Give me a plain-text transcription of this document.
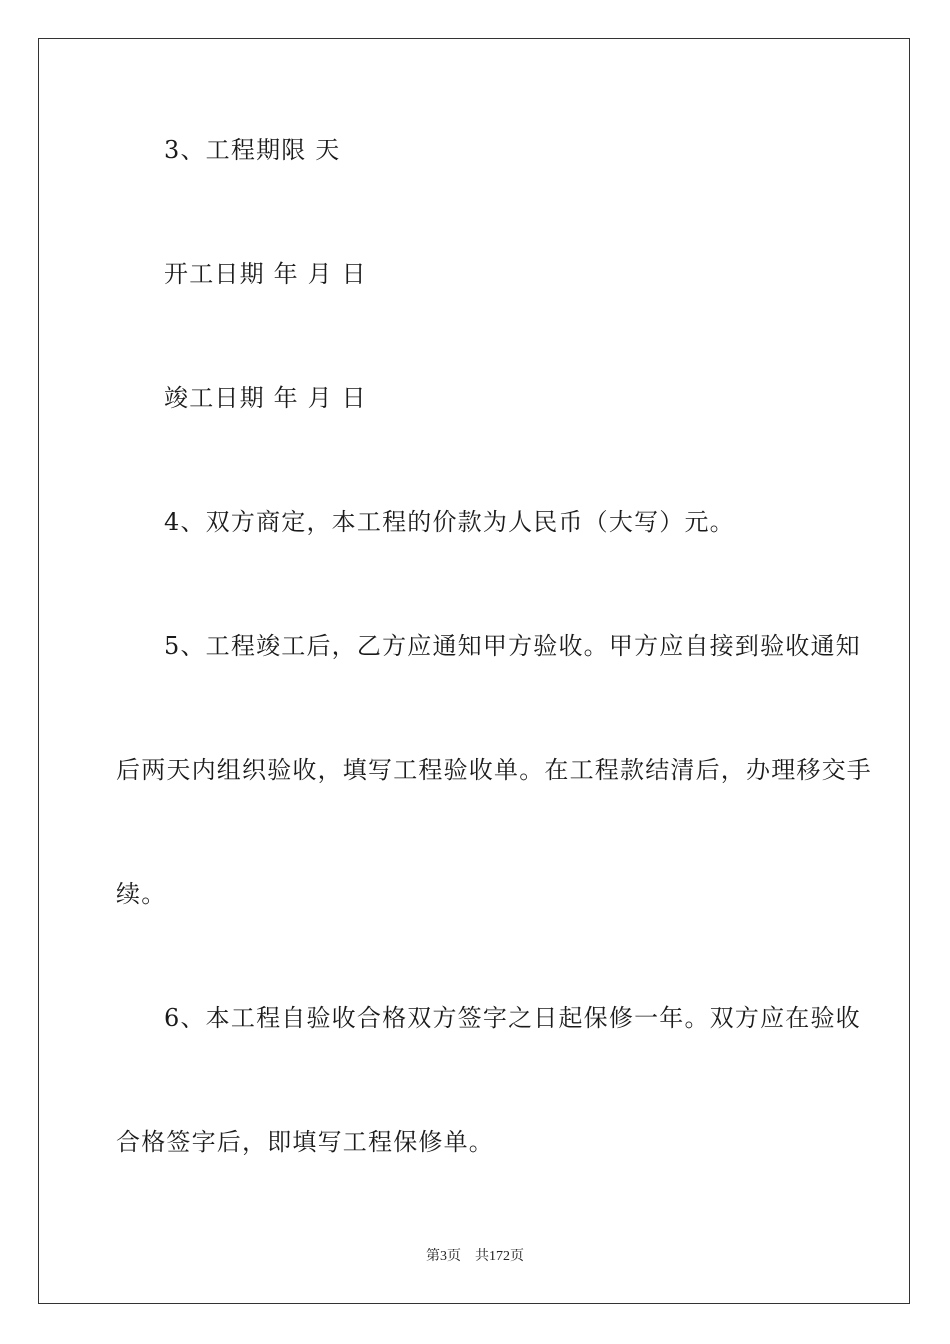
3、工程期限 天
开工日期 年 月 日
竣工日期 年 月 日
4、双方商定，本工程的价款为人民币（大写）元。
5、工程竣工后，乙方应通知甲方验收。甲方应自接到验收通知
后两天内组织验收，填写工程验收单。在工程款结清后，办理移交手
续。
6、本工程自验收合格双方签字之日起保修一年。双方应在验收
合格签字后，即填写工程保修单。
第3页 共172页
